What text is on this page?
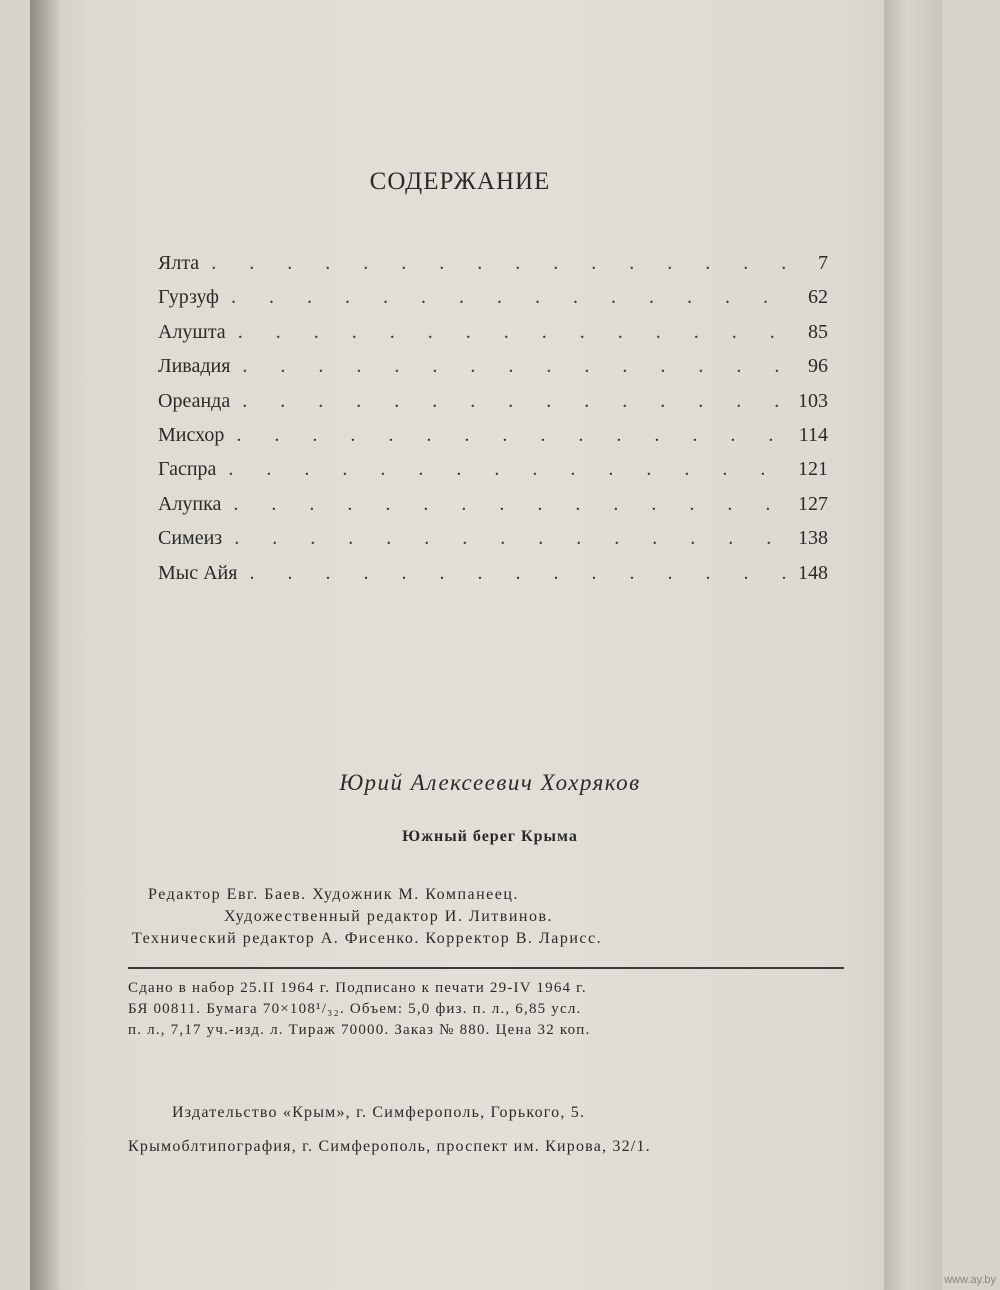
СОДЕРЖАНИЕ
Ялта . . .	7
Гурзуф . . .	62
Алушта . . .	85
Ливадия . . .	96
Ореанда . . .	103
Мисхор . . .	114
Гаспра . . .	121
Алупка . . .	127
Симеиз . . .	138
Мыс Айя . . .	148
Юрий Алексеевич Хохряков
Южный берег Крыма
Редактор Евг. Баев. Художник М. Компанеец.
Художественный редактор И. Литвинов.
Технический редактор А. Фисенко. Корректор В. Ларисс.
Сдано в набор 25.II 1964 г. Подписано к печати 29-IV 1964 г.
БЯ 00811. Бумага 70×108¹/₃₂. Объем: 5,0 физ. п. л., 6,85 усл.
п. л., 7,17 уч.-изд. л. Тираж 70000. Заказ № 880. Цена 32 коп.
Издательство «Крым», г. Симферополь, Горького, 5.
Крымоблтипография, г. Симферополь, проспект им. Кирова, 32/1.
www.ay.by
